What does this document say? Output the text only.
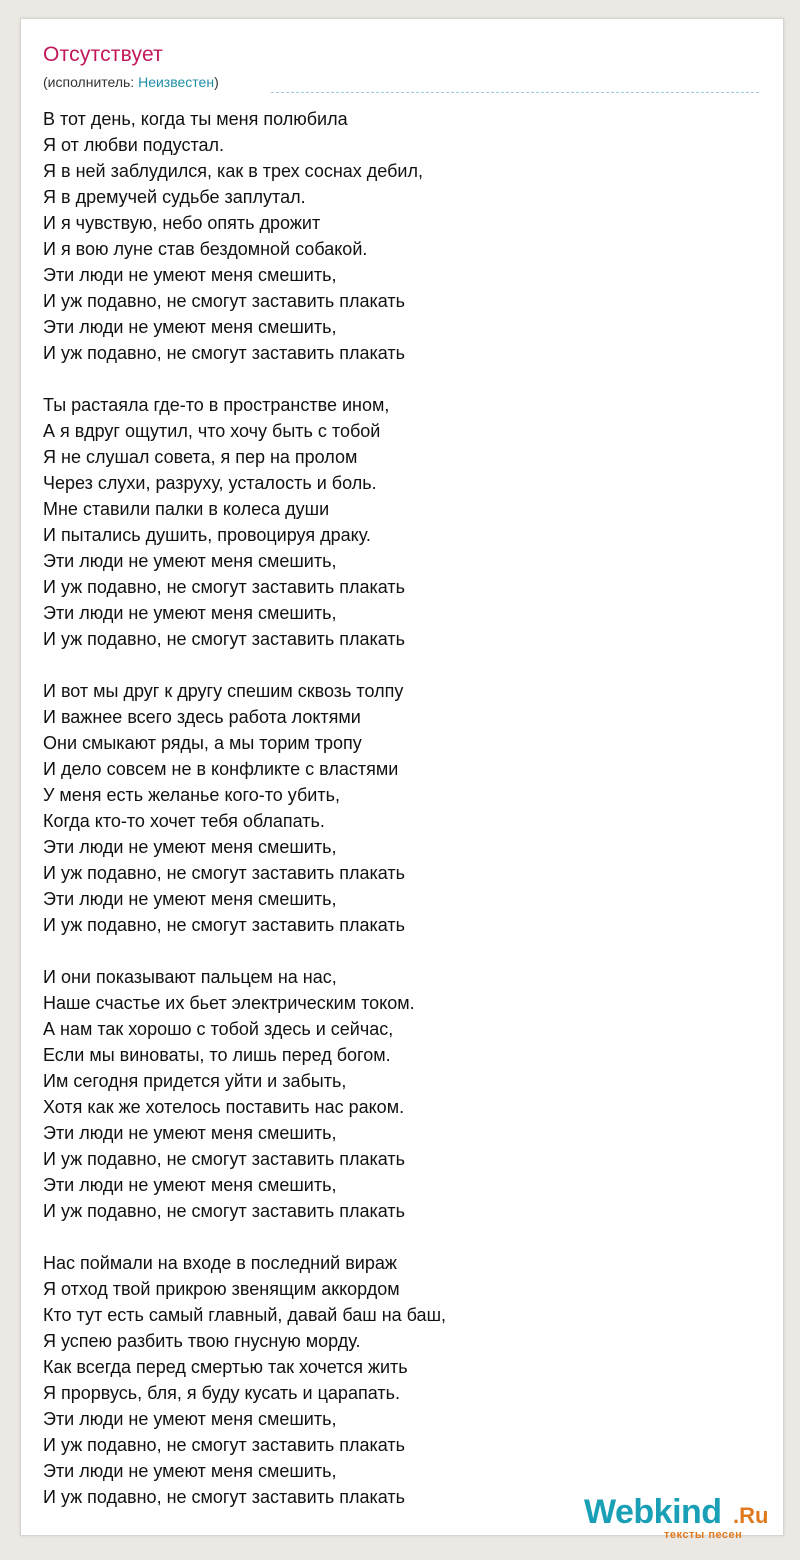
Отсутствует
(исполнитель: Неизвестен)
В тот день, когда ты меня полюбила
Я от любви подустал.
Я в ней заблудился, как в трех соснах дебил,
Я в дремучей судьбе заплутал.
И я чувствую, небо опять дрожит
И я вою луне став бездомной собакой.
Эти люди не умеют меня смешить,
И уж подавно, не смогут заставить плакать
Эти люди не умеют меня смешить,
И уж подавно, не смогут заставить плакать
Ты растаяла где-то в пространстве ином,
А я вдруг ощутил, что хочу быть с тобой
Я не слушал совета, я пер на пролом
Через слухи, разруху, усталость и боль.
Мне ставили палки в колеса души
И пытались душить, провоцируя драку.
Эти люди не умеют меня смешить,
И уж подавно, не смогут заставить плакать
Эти люди не умеют меня смешить,
И уж подавно, не смогут заставить плакать
И вот мы друг к другу спешим сквозь толпу
И важнее всего здесь работа локтями
Они смыкают ряды, а мы торим тропу
И дело совсем не в конфликте с властями
У меня есть желанье кого-то убить,
Когда кто-то хочет тебя облапать.
Эти люди не умеют меня смешить,
И уж подавно, не смогут заставить плакать
Эти люди не умеют меня смешить,
И уж подавно, не смогут заставить плакать
И они показывают пальцем на нас,
Наше счастье их бьет электрическим током.
А нам так хорошо с тобой здесь и сейчас,
Если мы виноваты, то лишь перед богом.
Им сегодня придется уйти и забыть,
Хотя как же хотелось поставить нас раком.
Эти люди не умеют меня смешить,
И уж подавно, не смогут заставить плакать
Эти люди не умеют меня смешить,
И уж подавно, не смогут заставить плакать
Нас поймали на входе в последний вираж
Я отход твой прикрою звенящим аккордом
Кто тут есть самый главный, давай баш на баш,
Я успею разбить твою гнусную морду.
Как всегда перед смертью так хочется жить
Я прорвусь, бля, я буду кусать и царапать.
Эти люди не умеют меня смешить,
И уж подавно, не смогут заставить плакать
Эти люди не умеют меня смешить,
И уж подавно, не смогут заставить плакать	Webkind .Ru
тексты песен
